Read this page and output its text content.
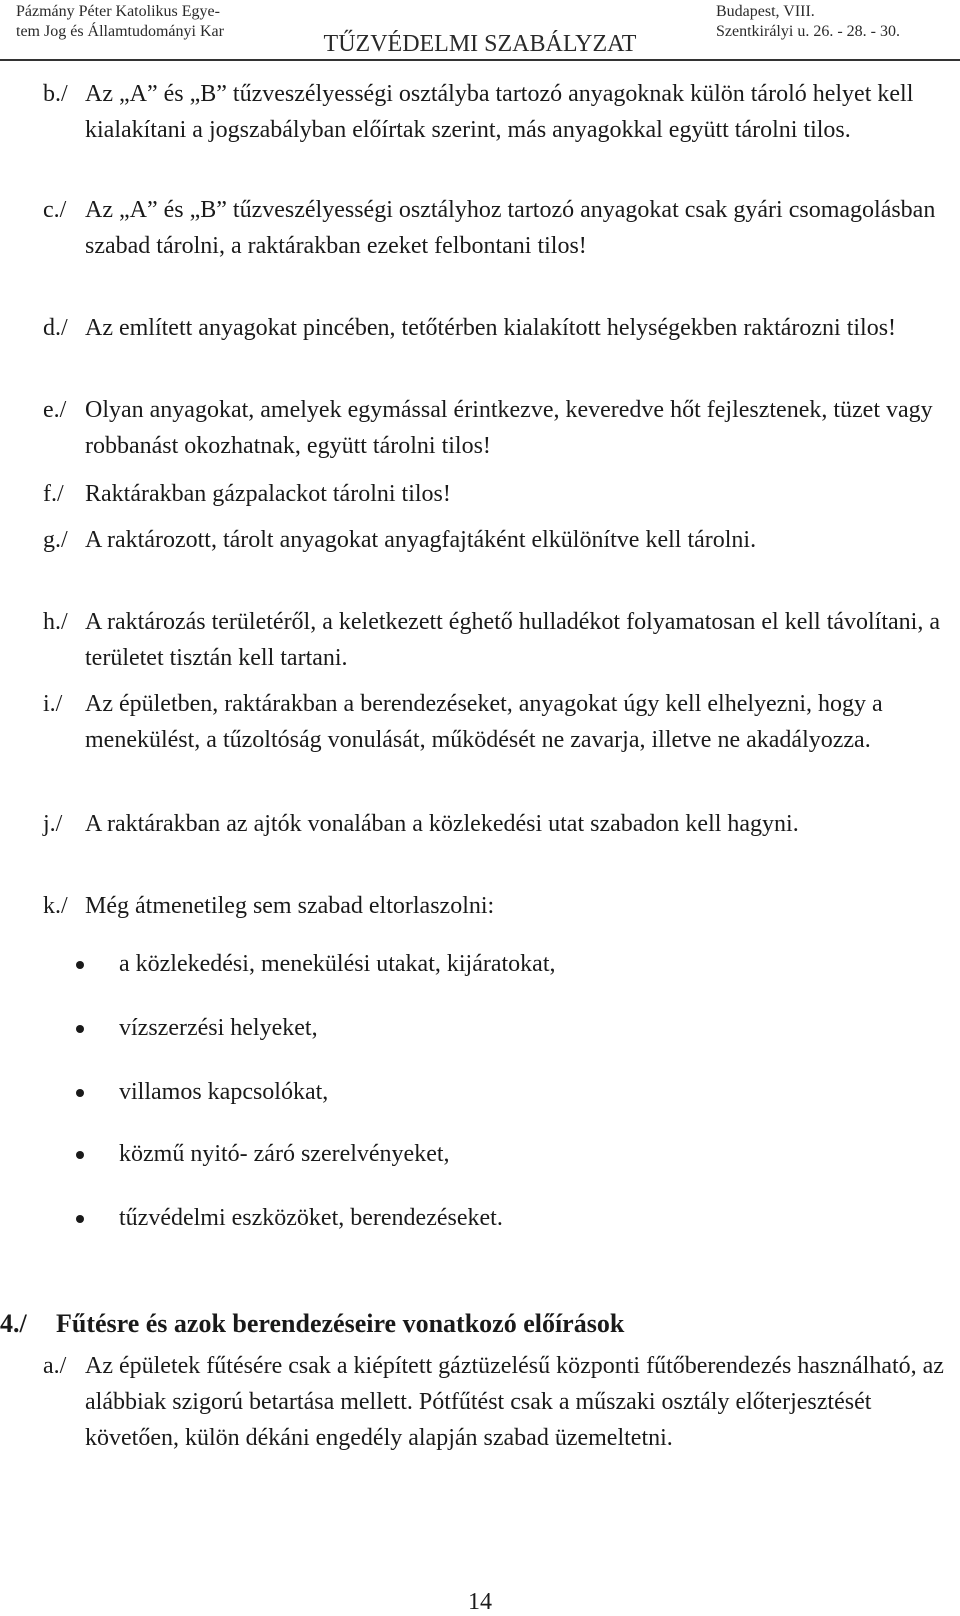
Pázmány Péter Katolikus Egye-
tem Jog és Államtudományi Kar	TŰZVÉDELMI SZABÁLYZAT
Budapest, VIII.
Szentkirályi u. 26. - 28. - 30.
b./ Az „A” és „B” tűzveszélyességi osztályba tartozó anyagoknak külön tároló helyet kell kialakítani a jogszabályban előírtak szerint, más anyagokkal együtt tárolni tilos.
c./ Az „A” és „B” tűzveszélyességi osztályhoz tartozó anyagokat csak gyári csomagolásban szabad tárolni, a raktárakban ezeket felbontani tilos!
d./ Az említett anyagokat pincében, tetőtérben kialakított helységekben raktározni tilos!
e./ Olyan anyagokat, amelyek egymással érintkezve, keveredve hőt fejlesztenek, tüzet vagy robbanást okozhatnak, együtt tárolni tilos!
f./ Raktárakban gázpalackot tárolni tilos!
g./ A raktározott, tárolt anyagokat anyagfajtáként elkülönítve kell tárolni.
h./ A raktározás területéről, a keletkezett éghető hulladékot folyamatosan el kell távolítani, a területet tisztán kell tartani.
i./ Az épületben, raktárakban a berendezéseket, anyagokat úgy kell elhelyezni, hogy a menekülést, a tűzoltóság vonulását, működését ne zavarja, illetve ne akadályozza.
j./ A raktárakban az ajtók vonalában a közlekedési utat szabadon kell hagyni.
k./ Még átmenetileg sem szabad eltorlaszolni:
a közlekedési, menekülési utakat, kijáratokat,
vízszerzési helyeket,
villamos kapcsolókat,
közmű nyitó- záró szerelvényeket,
tűzvédelmi eszközöket, berendezéseket.
4./ Fűtésre és azok berendezéseire vonatkozó előírások
a./ Az épületek fűtésére csak a kiépített gáztüzelésű központi fűtőberendezés használható, az alábbiak szigorú betartása mellett. Pótfűtést csak a műszaki osztály előterjesztését követően, külön dékáni engedély alapján szabad üzemeltetni.
14
